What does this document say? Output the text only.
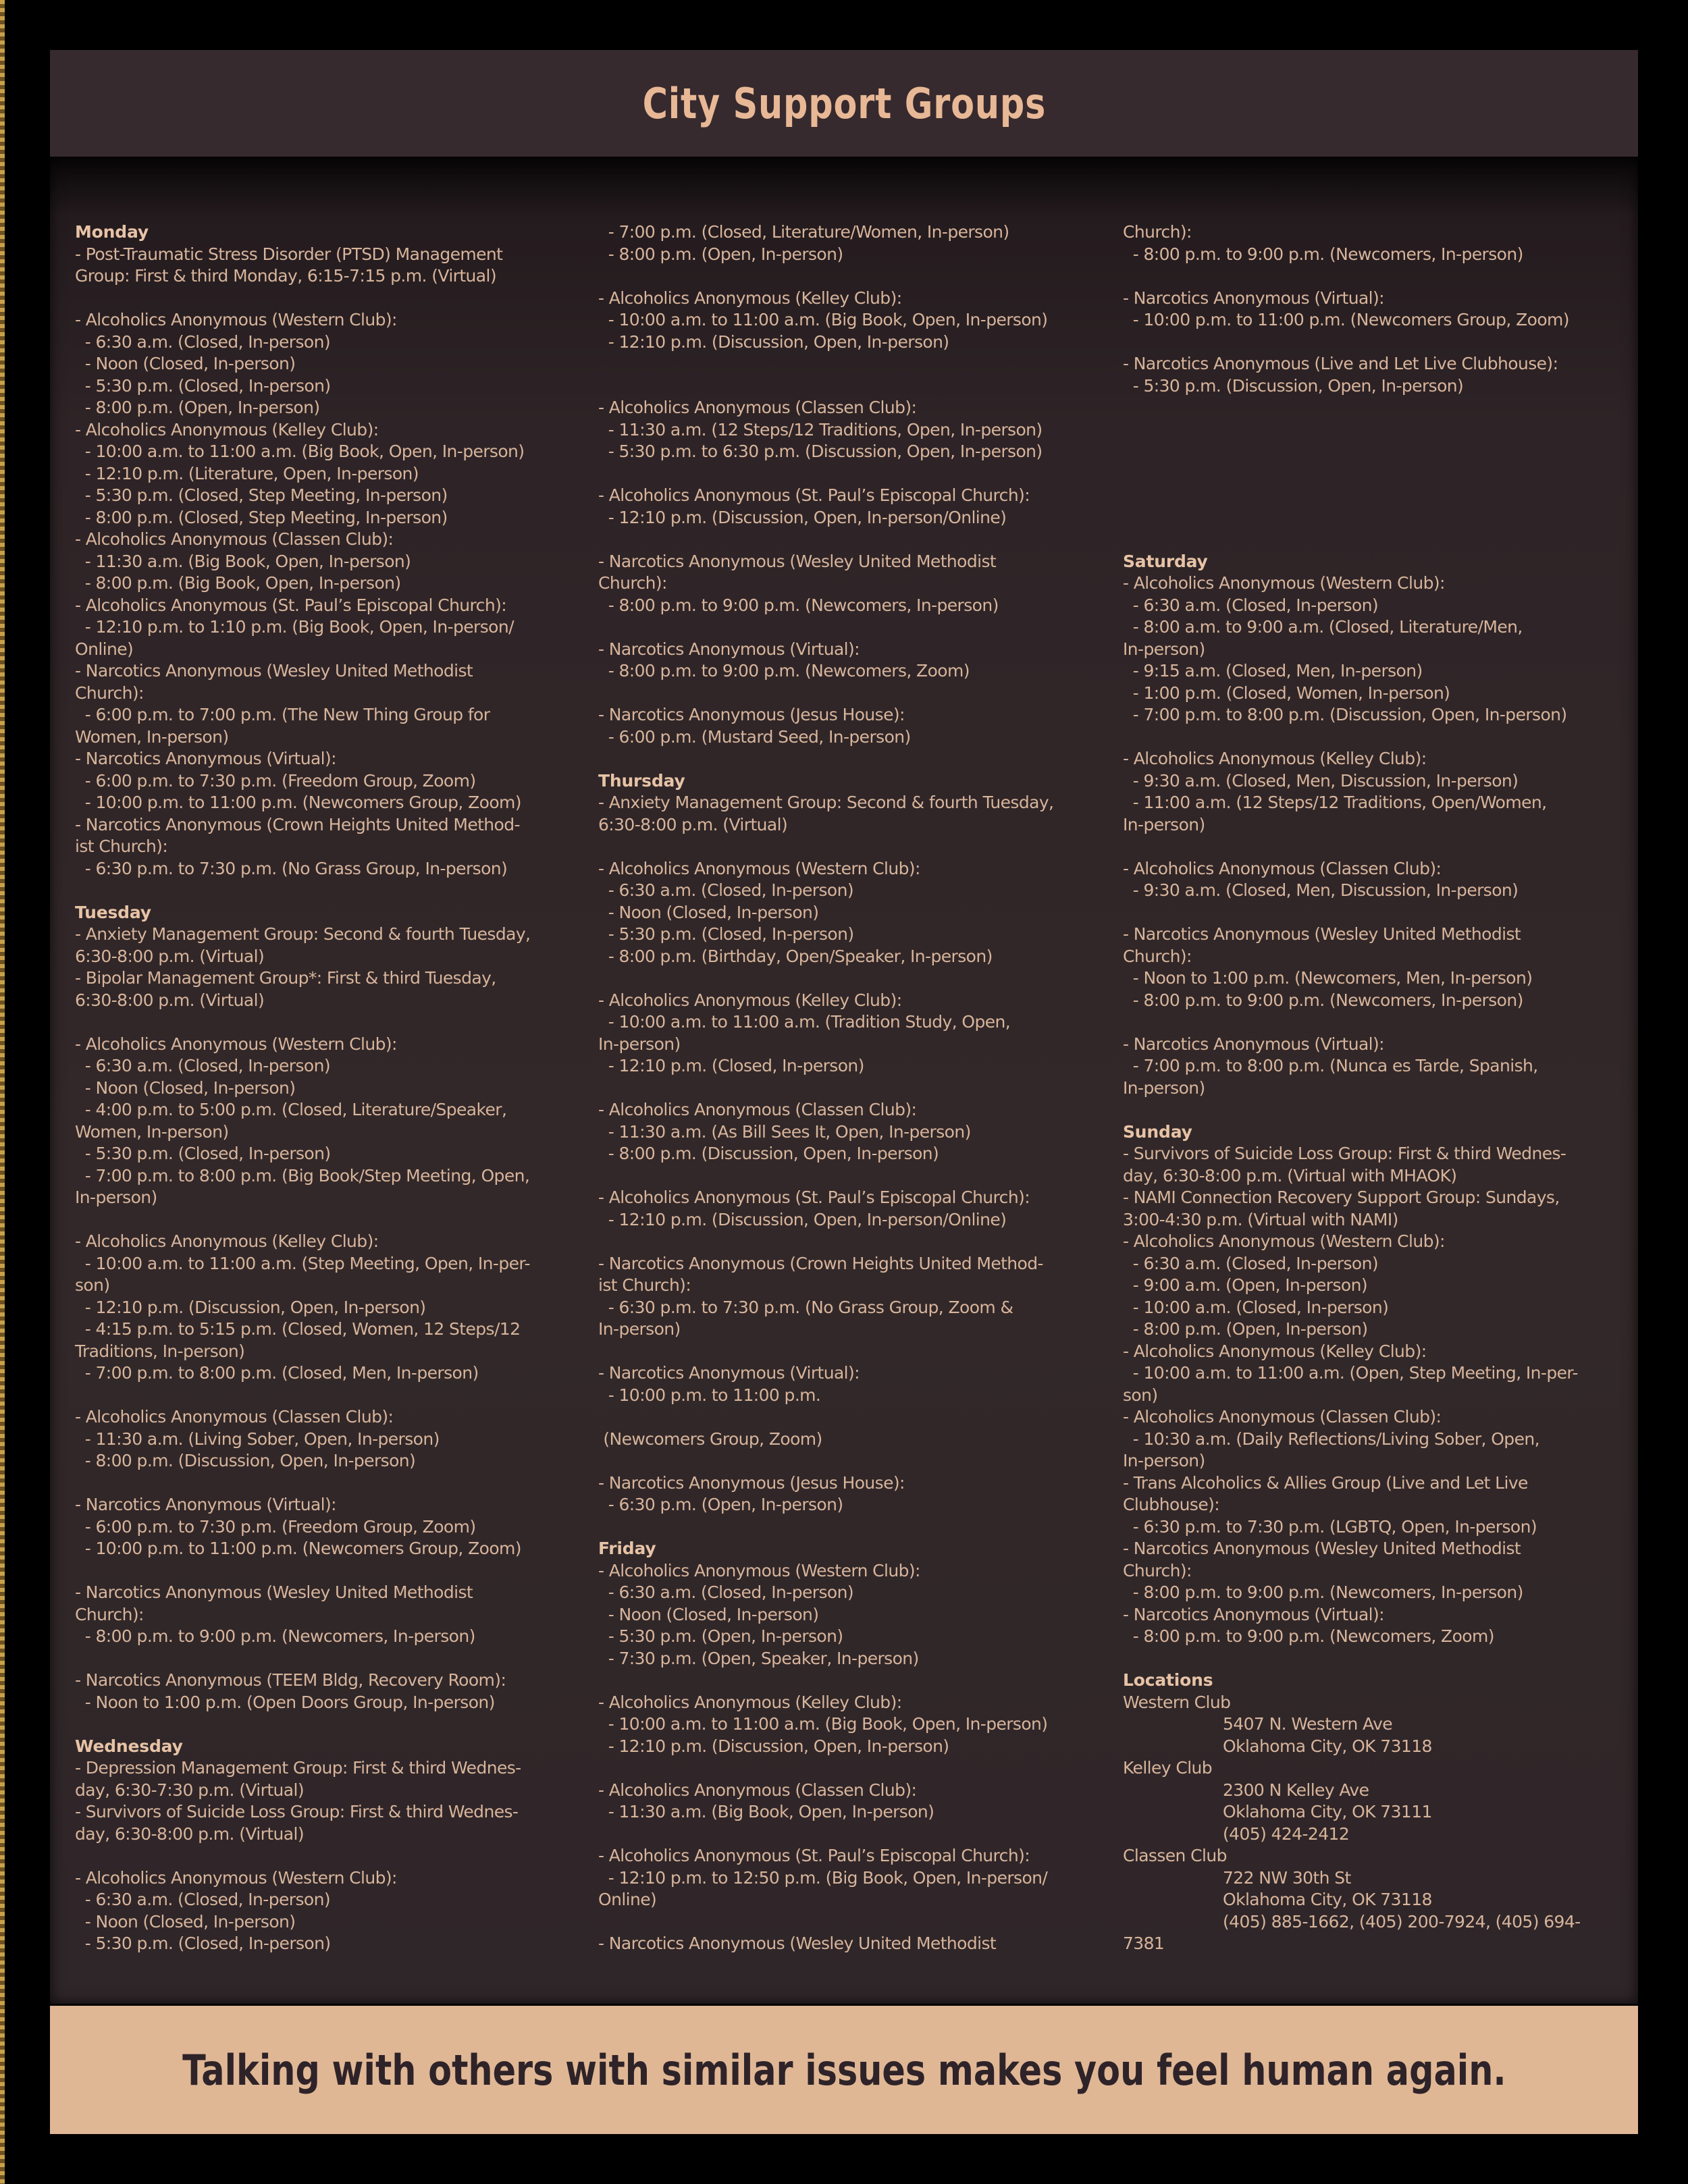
City Support Groups
Monday
- Post-Traumatic Stress Disorder (PTSD) Management
Group: First & third Monday, 6:15-7:15 p.m. (Virtual)
- Alcoholics Anonymous (Western Club):
- 6:30 a.m. (Closed, In-person)
- Noon (Closed, In-person)
- 5:30 p.m. (Closed, In-person)
- 8:00 p.m. (Open, In-person)
- Alcoholics Anonymous (Kelley Club):
- 10:00 a.m. to 11:00 a.m. (Big Book, Open, In-person)
- 12:10 p.m. (Literature, Open, In-person)
- 5:30 p.m. (Closed, Step Meeting, In-person)
- 8:00 p.m. (Closed, Step Meeting, In-person)
- Alcoholics Anonymous (Classen Club):
- 11:30 a.m. (Big Book, Open, In-person)
- 8:00 p.m. (Big Book, Open, In-person)
- Alcoholics Anonymous (St. Paul’s Episcopal Church):
- 12:10 p.m. to 1:10 p.m. (Big Book, Open, In-person/
Online)
- Narcotics Anonymous (Wesley United Methodist
Church):
- 6:00 p.m. to 7:00 p.m. (The New Thing Group for
Women, In-person)
- Narcotics Anonymous (Virtual):
- 6:00 p.m. to 7:30 p.m. (Freedom Group, Zoom)
- 10:00 p.m. to 11:00 p.m. (Newcomers Group, Zoom)
- Narcotics Anonymous (Crown Heights United Method-
ist Church):
- 6:30 p.m. to 7:30 p.m. (No Grass Group, In-person)
Tuesday
- Anxiety Management Group: Second & fourth Tuesday,
6:30-8:00 p.m. (Virtual)
- Bipolar Management Group*: First & third Tuesday,
6:30-8:00 p.m. (Virtual)
- Alcoholics Anonymous (Western Club):
- 6:30 a.m. (Closed, In-person)
- Noon (Closed, In-person)
- 4:00 p.m. to 5:00 p.m. (Closed, Literature/Speaker,
Women, In-person)
- 5:30 p.m. (Closed, In-person)
- 7:00 p.m. to 8:00 p.m. (Big Book/Step Meeting, Open,
In-person)
- Alcoholics Anonymous (Kelley Club):
- 10:00 a.m. to 11:00 a.m. (Step Meeting, Open, In-per-
son)
- 12:10 p.m. (Discussion, Open, In-person)
- 4:15 p.m. to 5:15 p.m. (Closed, Women, 12 Steps/12
Traditions, In-person)
- 7:00 p.m. to 8:00 p.m. (Closed, Men, In-person)
- Alcoholics Anonymous (Classen Club):
- 11:30 a.m. (Living Sober, Open, In-person)
- 8:00 p.m. (Discussion, Open, In-person)
- Narcotics Anonymous (Virtual):
- 6:00 p.m. to 7:30 p.m. (Freedom Group, Zoom)
- 10:00 p.m. to 11:00 p.m. (Newcomers Group, Zoom)
- Narcotics Anonymous (Wesley United Methodist
Church):
- 8:00 p.m. to 9:00 p.m. (Newcomers, In-person)
- Narcotics Anonymous (TEEM Bldg, Recovery Room):
- Noon to 1:00 p.m. (Open Doors Group, In-person)
Wednesday
- Depression Management Group: First & third Wednes-
day, 6:30-7:30 p.m. (Virtual)
- Survivors of Suicide Loss Group: First & third Wednes-
day, 6:30-8:00 p.m. (Virtual)
- Alcoholics Anonymous (Western Club):
- 6:30 a.m. (Closed, In-person)
- Noon (Closed, In-person)
- 5:30 p.m. (Closed, In-person)
- 7:00 p.m. (Closed, Literature/Women, In-person)
- 8:00 p.m. (Open, In-person)
- Alcoholics Anonymous (Kelley Club):
- 10:00 a.m. to 11:00 a.m. (Big Book, Open, In-person)
- 12:10 p.m. (Discussion, Open, In-person)
- Alcoholics Anonymous (Classen Club):
- 11:30 a.m. (12 Steps/12 Traditions, Open, In-person)
- 5:30 p.m. to 6:30 p.m. (Discussion, Open, In-person)
- Alcoholics Anonymous (St. Paul’s Episcopal Church):
- 12:10 p.m. (Discussion, Open, In-person/Online)
- Narcotics Anonymous (Wesley United Methodist
Church):
- 8:00 p.m. to 9:00 p.m. (Newcomers, In-person)
- Narcotics Anonymous (Virtual):
- 8:00 p.m. to 9:00 p.m. (Newcomers, Zoom)
- Narcotics Anonymous (Jesus House):
- 6:00 p.m. (Mustard Seed, In-person)
Thursday
- Anxiety Management Group: Second & fourth Tuesday,
6:30-8:00 p.m. (Virtual)
- Alcoholics Anonymous (Western Club):
- 6:30 a.m. (Closed, In-person)
- Noon (Closed, In-person)
- 5:30 p.m. (Closed, In-person)
- 8:00 p.m. (Birthday, Open/Speaker, In-person)
- Alcoholics Anonymous (Kelley Club):
- 10:00 a.m. to 11:00 a.m. (Tradition Study, Open,
In-person)
- 12:10 p.m. (Closed, In-person)
- Alcoholics Anonymous (Classen Club):
- 11:30 a.m. (As Bill Sees It, Open, In-person)
- 8:00 p.m. (Discussion, Open, In-person)
- Alcoholics Anonymous (St. Paul’s Episcopal Church):
- 12:10 p.m. (Discussion, Open, In-person/Online)
- Narcotics Anonymous (Crown Heights United Method-
ist Church):
- 6:30 p.m. to 7:30 p.m. (No Grass Group, Zoom &
In-person)
- Narcotics Anonymous (Virtual):
- 10:00 p.m. to 11:00 p.m.
(Newcomers Group, Zoom)
- Narcotics Anonymous (Jesus House):
- 6:30 p.m. (Open, In-person)
Friday
- Alcoholics Anonymous (Western Club):
- 6:30 a.m. (Closed, In-person)
- Noon (Closed, In-person)
- 5:30 p.m. (Open, In-person)
- 7:30 p.m. (Open, Speaker, In-person)
- Alcoholics Anonymous (Kelley Club):
- 10:00 a.m. to 11:00 a.m. (Big Book, Open, In-person)
- 12:10 p.m. (Discussion, Open, In-person)
- Alcoholics Anonymous (Classen Club):
- 11:30 a.m. (Big Book, Open, In-person)
- Alcoholics Anonymous (St. Paul’s Episcopal Church):
- 12:10 p.m. to 12:50 p.m. (Big Book, Open, In-person/
Online)
- Narcotics Anonymous (Wesley United Methodist
Church):
- 8:00 p.m. to 9:00 p.m. (Newcomers, In-person)
- Narcotics Anonymous (Virtual):
- 10:00 p.m. to 11:00 p.m. (Newcomers Group, Zoom)
- Narcotics Anonymous (Live and Let Live Clubhouse):
- 5:30 p.m. (Discussion, Open, In-person)
Saturday
- Alcoholics Anonymous (Western Club):
- 6:30 a.m. (Closed, In-person)
- 8:00 a.m. to 9:00 a.m. (Closed, Literature/Men,
In-person)
- 9:15 a.m. (Closed, Men, In-person)
- 1:00 p.m. (Closed, Women, In-person)
- 7:00 p.m. to 8:00 p.m. (Discussion, Open, In-person)
- Alcoholics Anonymous (Kelley Club):
- 9:30 a.m. (Closed, Men, Discussion, In-person)
- 11:00 a.m. (12 Steps/12 Traditions, Open/Women,
In-person)
- Alcoholics Anonymous (Classen Club):
- 9:30 a.m. (Closed, Men, Discussion, In-person)
- Narcotics Anonymous (Wesley United Methodist
Church):
- Noon to 1:00 p.m. (Newcomers, Men, In-person)
- 8:00 p.m. to 9:00 p.m. (Newcomers, In-person)
- Narcotics Anonymous (Virtual):
- 7:00 p.m. to 8:00 p.m. (Nunca es Tarde, Spanish,
In-person)
Sunday
- Survivors of Suicide Loss Group: First & third Wednes-
day, 6:30-8:00 p.m. (Virtual with MHAOK)
- NAMI Connection Recovery Support Group: Sundays,
3:00-4:30 p.m. (Virtual with NAMI)
- Alcoholics Anonymous (Western Club):
- 6:30 a.m. (Closed, In-person)
- 9:00 a.m. (Open, In-person)
- 10:00 a.m. (Closed, In-person)
- 8:00 p.m. (Open, In-person)
- Alcoholics Anonymous (Kelley Club):
- 10:00 a.m. to 11:00 a.m. (Open, Step Meeting, In-per-
son)
- Alcoholics Anonymous (Classen Club):
- 10:30 a.m. (Daily Reflections/Living Sober, Open,
In-person)
- Trans Alcoholics & Allies Group (Live and Let Live
Clubhouse):
- 6:30 p.m. to 7:30 p.m. (LGBTQ, Open, In-person)
- Narcotics Anonymous (Wesley United Methodist
Church):
- 8:00 p.m. to 9:00 p.m. (Newcomers, In-person)
- Narcotics Anonymous (Virtual):
- 8:00 p.m. to 9:00 p.m. (Newcomers, Zoom)
Locations
Western Club
5407 N. Western Ave
Oklahoma City, OK 73118
Kelley Club
2300 N Kelley Ave
Oklahoma City, OK 73111
(405) 424-2412
Classen Club
722 NW 30th St
Oklahoma City, OK 73118
(405) 885-1662, (405) 200-7924, (405) 694-
7381

Talking with others with similar issues makes you feel human again.
